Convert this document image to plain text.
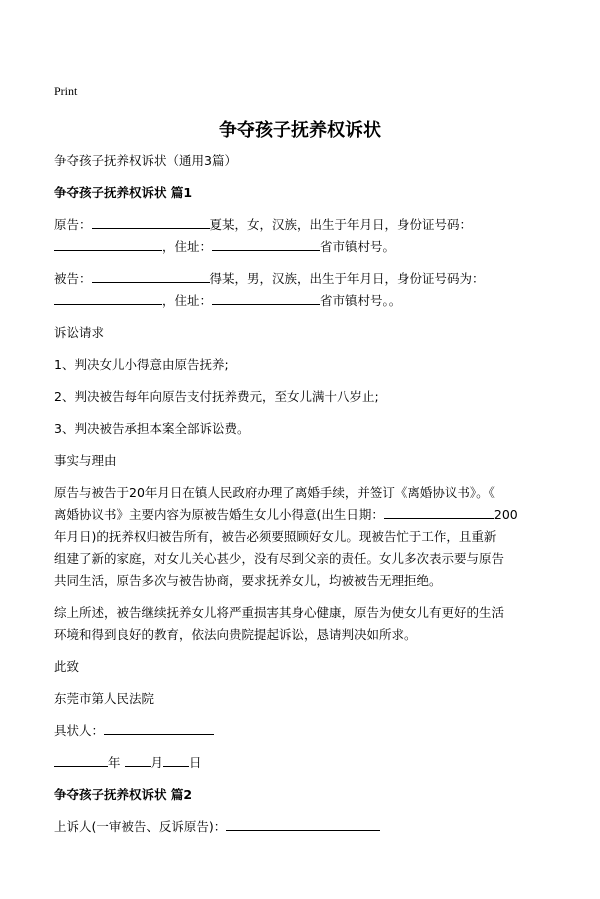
Print
争夺孩子抚养权诉状
争夺孩子抚养权诉状（通用3篇）
争夺孩子抚养权诉状 篇1
原告：	夏某，女，汉族，出生于年月日，身份证号码：
，住址：	省市镇村号。
被告：	得某，男，汉族，出生于年月日，身份证号码为：
，住址：	省市镇村号。。
诉讼请求
1、判决女儿小得意由原告抚养;
2、判决被告每年向原告支付抚养费元，至女儿满十八岁止;
3、判决被告承担本案全部诉讼费。
事实与理由
原告与被告于20年月日在镇人民政府办理了离婚手续，并签订《离婚协议书》。《
离婚协议书》主要内容为原被告婚生女儿小得意(出生日期：	200
年月日)的抚养权归被告所有，被告必须要照顾好女儿。现被告忙于工作，且重新
组建了新的家庭，对女儿关心甚少，没有尽到父亲的责任。女儿多次表示要与原告
共同生活，原告多次与被告协商，要求抚养女儿，均被被告无理拒绝。
综上所述，被告继续抚养女儿将严重损害其身心健康，原告为使女儿有更好的生活
环境和得到良好的教育，依法向贵院提起诉讼，恳请判决如所求。
此致
东莞市第人民法院
具状人：
年 月 日
争夺孩子抚养权诉状 篇2
上诉人(一审被告、反诉原告)：
